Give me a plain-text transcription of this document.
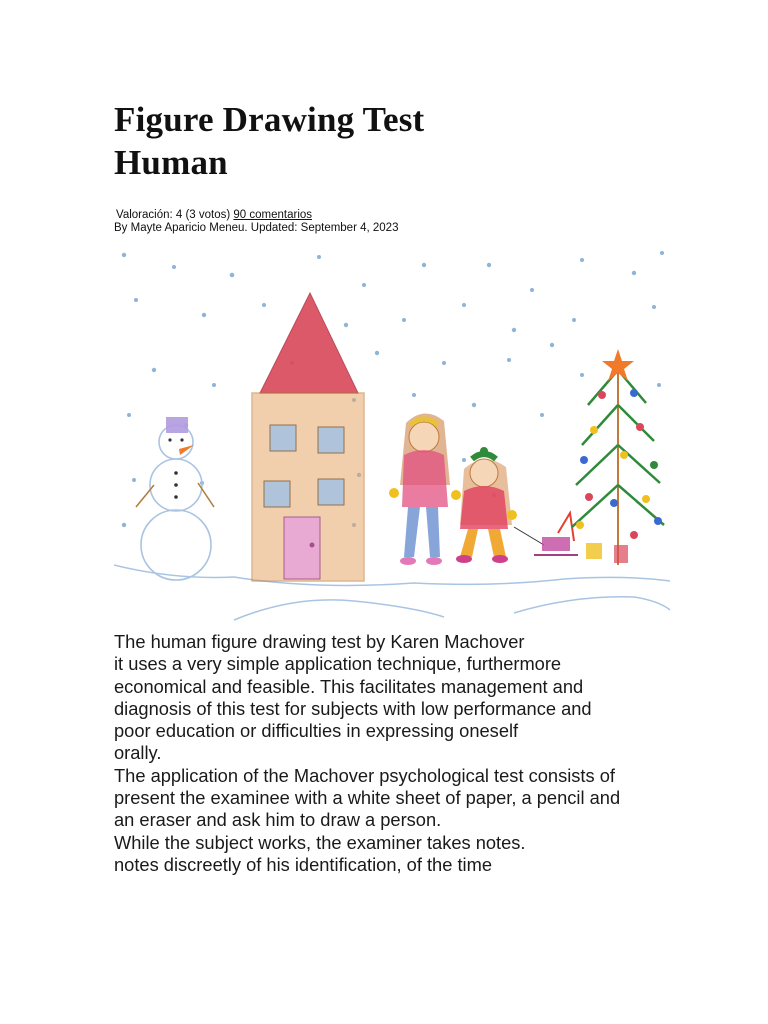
Figure Drawing Test
Human
Valoración: 4 (3 votos) 90 comentarios
By Mayte Aparicio Meneu. Updated: September 4, 2023
The human figure drawing test by Karen Machover
it uses a very simple application technique, furthermore
economical and feasible. This facilitates management and
diagnosis of this test for subjects with low performance and
poor education or difficulties in expressing oneself
orally.
The application of the Machover psychological test consists of
present the examinee with a white sheet of paper, a pencil and
an eraser and ask him to draw a person.
While the subject works, the examiner takes notes.
notes discreetly of his identification, of the time
